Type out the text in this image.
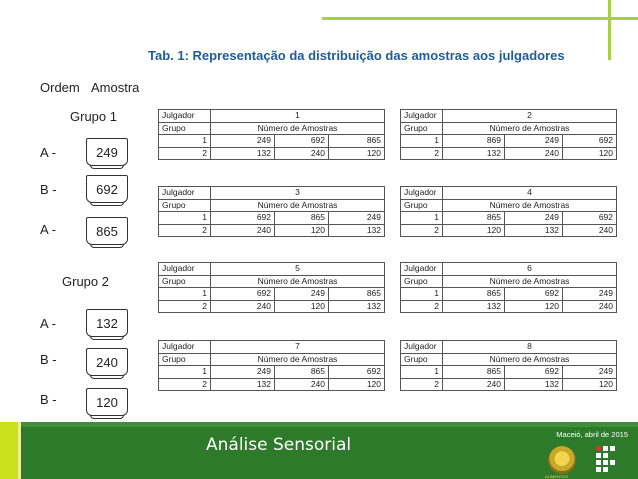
Tab. 1: Representação da distribuição das amostras aos julgadores
Ordem Amostra
Grupo 1
A -	249
B -	692
A -	865
Grupo 2
A -	132
B -	240
B -	120
Julgador	1		
Grupo	Número de Amostras		
1	249	692	865
2	132	240	120
Julgador	2		
Grupo	Número de Amostras		
1	869	249	692
2	132	240	120
Julgador	3		
Grupo	Número de Amostras		
1	692	865	249
2	240	120	132
Julgador	4		
Grupo	Número de Amostras		
1	865	249	692
2	120	132	240
Julgador	5		
Grupo	Número de Amostras		
1	692	249	865
2	240	120	132
Julgador	6		
Grupo	Número de Amostras		
1	865	692	249
2	132	120	240
Julgador	7		
Grupo	Número de Amostras		
1	249	865	692
2	132	240	120
Julgador	8		
Grupo	Número de Amostras		
1	865	692	249
2	240	132	120
Análise Sensorial
Maceió, abril de 2015
ALIMENTOS
